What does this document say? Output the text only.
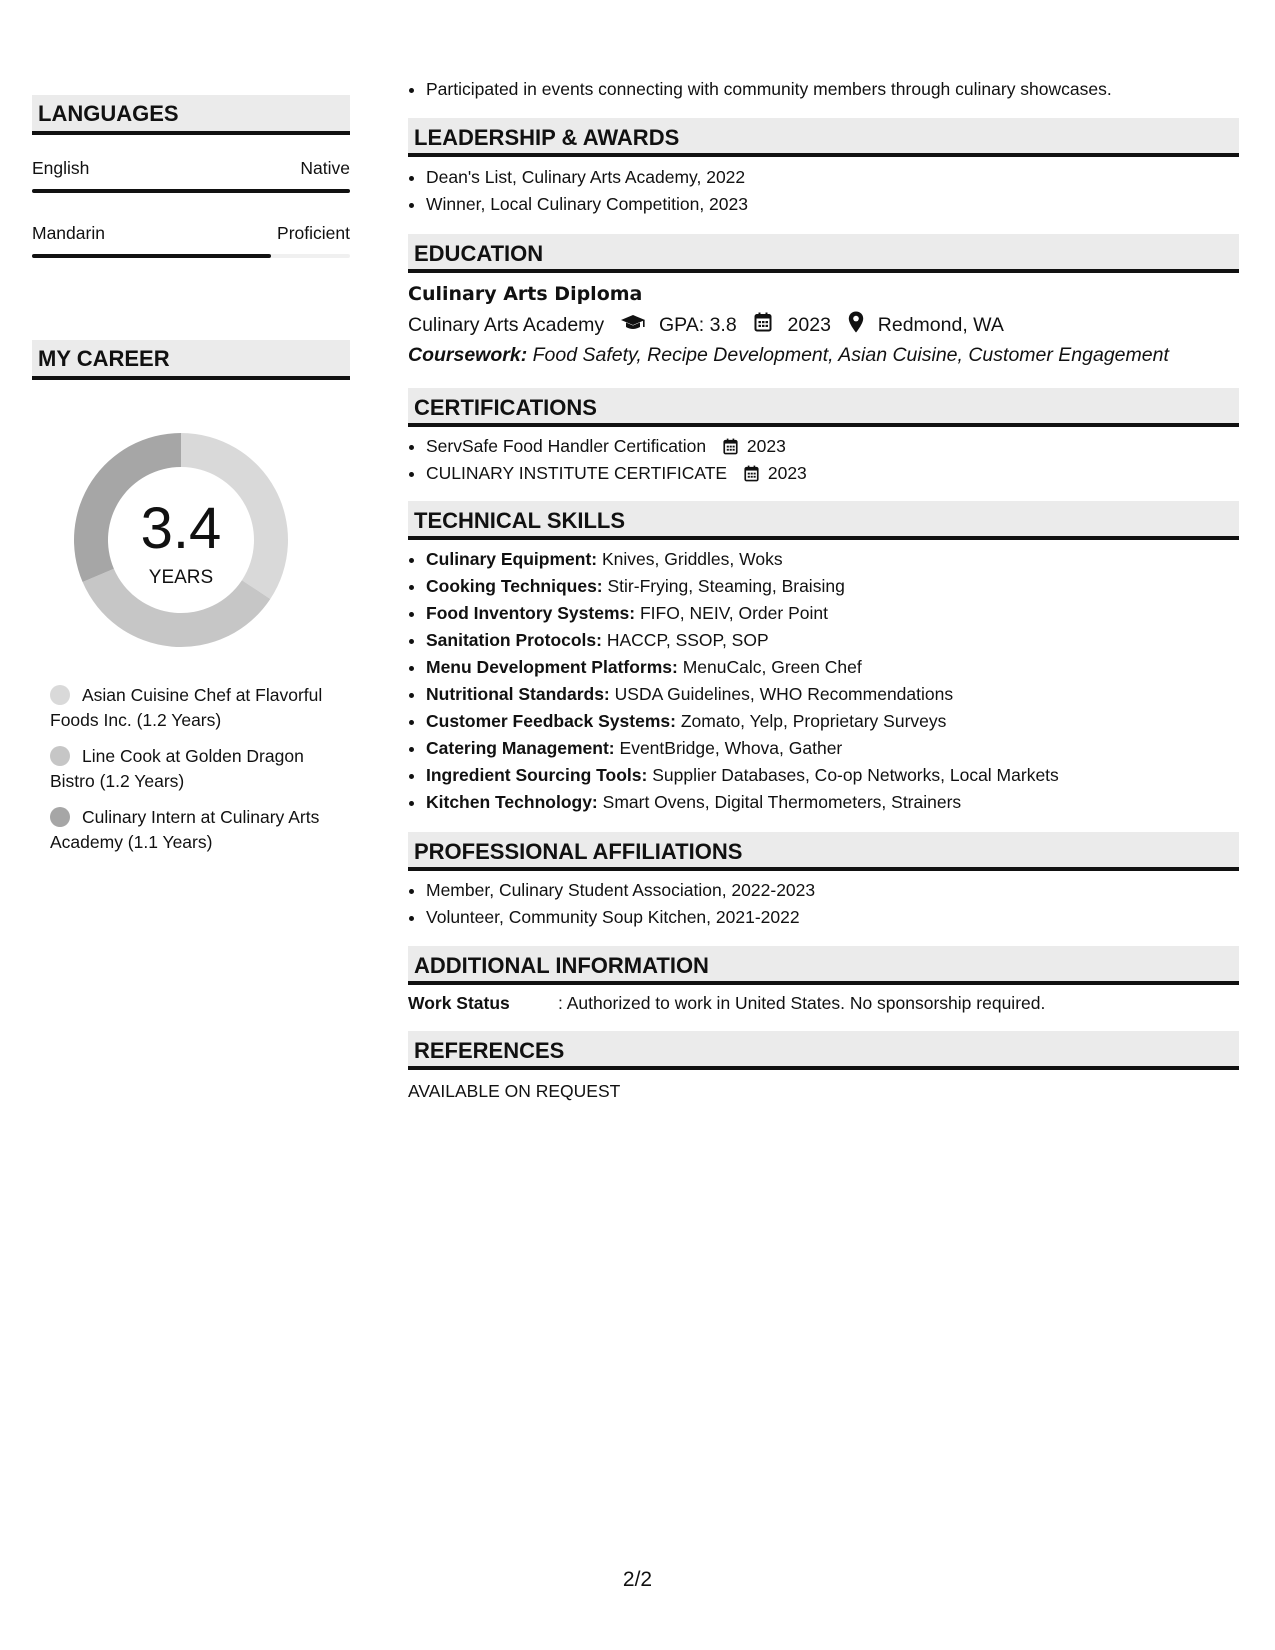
LANGUAGES
English	Native
Mandarin	Proficient
MY CAREER
3.4
YEARS
Asian Cuisine Chef at Flavorful Foods Inc. (1.2 Years)
Line Cook at Golden Dragon Bistro (1.2 Years)
Culinary Intern at Culinary Arts Academy (1.1 Years)
• Participated in events connecting with community members through culinary showcases.
LEADERSHIP & AWARDS
• Dean's List, Culinary Arts Academy, 2022
• Winner, Local Culinary Competition, 2023
EDUCATION
Culinary Arts Diploma
Culinary Arts Academy	GPA: 3.8	2023 Redmond, WA
Coursework: Food Safety, Recipe Development, Asian Cuisine, Customer Engagement
CERTIFICATIONS
• ServSafe Food Handler Certification 2023
• CULINARY INSTITUTE CERTIFICATE 2023
TECHNICAL SKILLS
• Culinary Equipment: Knives, Griddles, Woks
• Cooking Techniques: Stir-Frying, Steaming, Braising
• Food Inventory Systems: FIFO, NEIV, Order Point
• Sanitation Protocols: HACCP, SSOP, SOP
• Menu Development Platforms: MenuCalc, Green Chef
• Nutritional Standards: USDA Guidelines, WHO Recommendations
• Customer Feedback Systems: Zomato, Yelp, Proprietary Surveys
• Catering Management: EventBridge, Whova, Gather
• Ingredient Sourcing Tools: Supplier Databases, Co-op Networks, Local Markets
• Kitchen Technology: Smart Ovens, Digital Thermometers, Strainers
PROFESSIONAL AFFILIATIONS
• Member, Culinary Student Association, 2022-2023
• Volunteer, Community Soup Kitchen, 2021-2022
ADDITIONAL INFORMATION
Work Status	: Authorized to work in United States. No sponsorship required.
REFERENCES
AVAILABLE ON REQUEST
2/2
